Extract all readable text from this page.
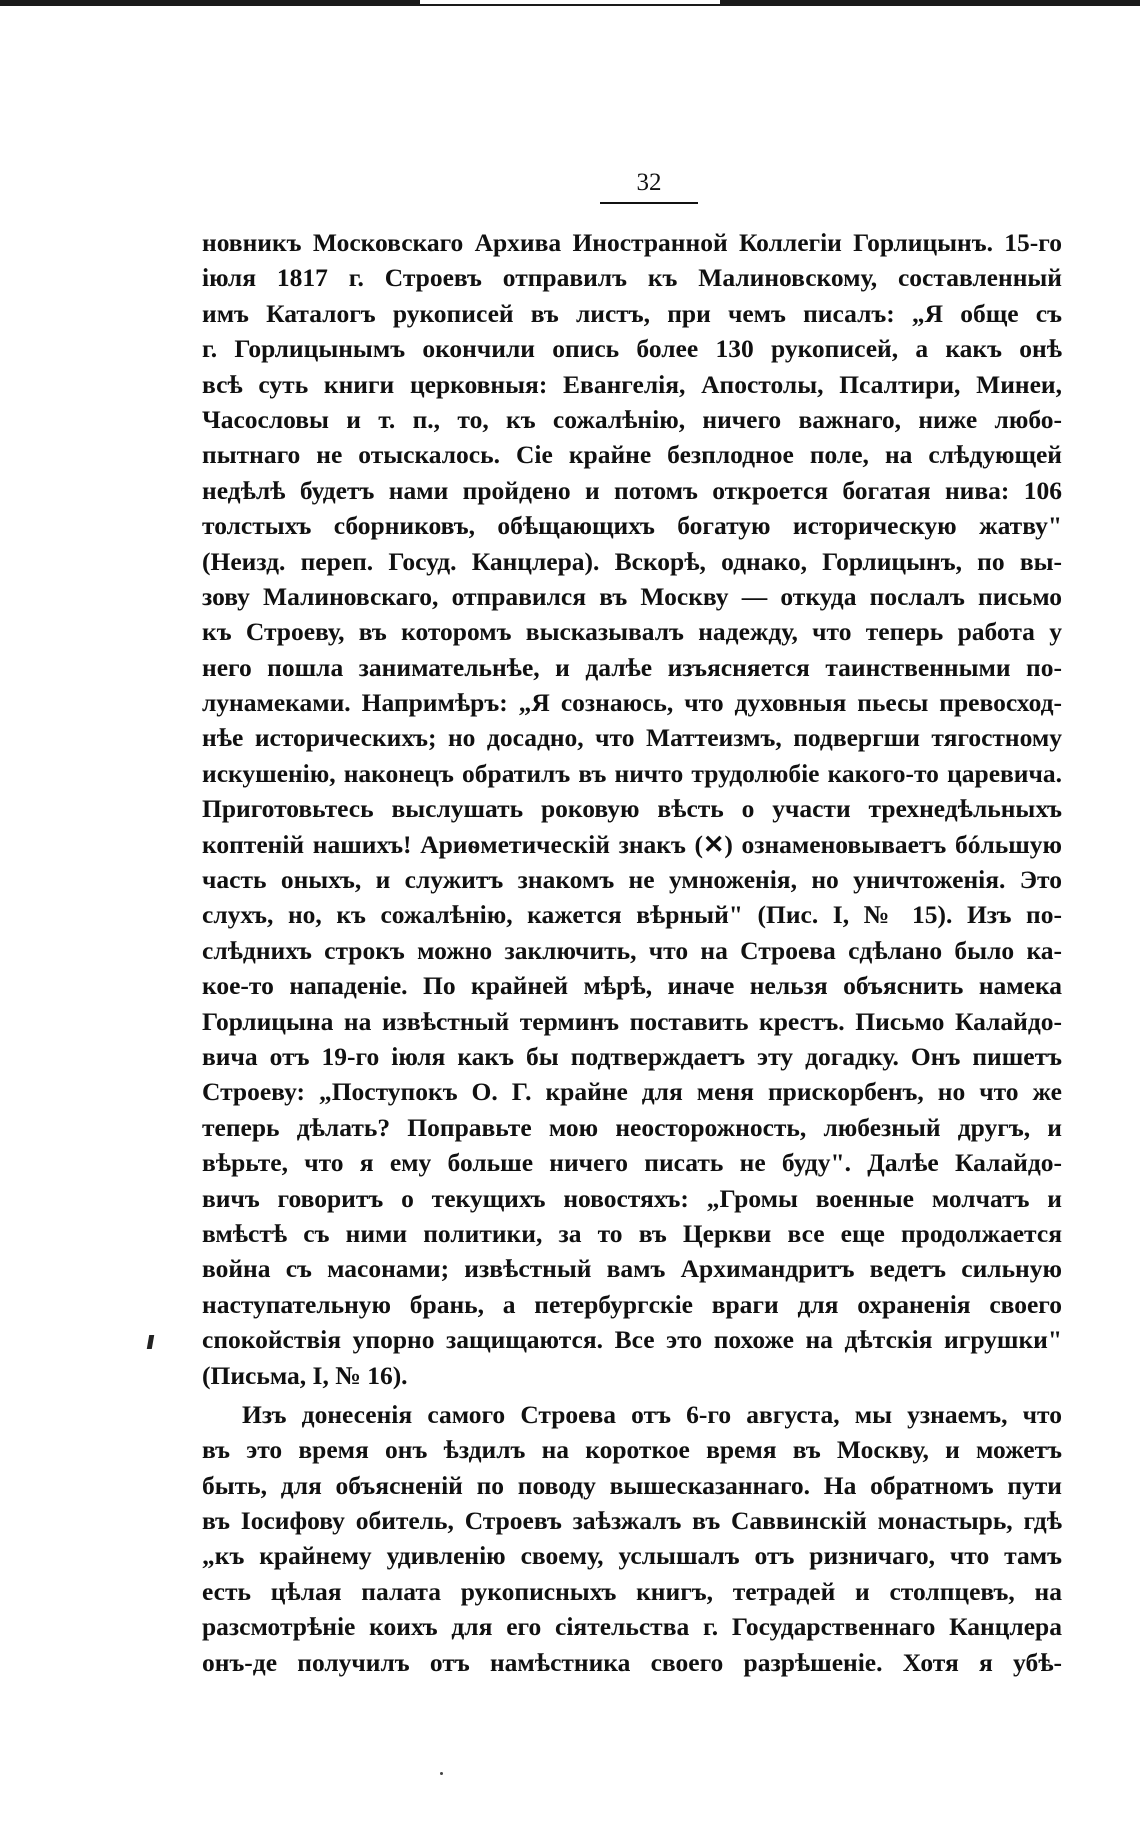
32
новникъ Московскаго Архива Иностранной Коллегіи Горлицынъ. 15-го
іюля 1817 г. Строевъ отправилъ къ Малиновскому, составленный
имъ Каталогъ рукописей въ листъ, при чемъ писалъ: „Я обще съ
г. Горлицынымъ окончили опись более 130 рукописей, а какъ онѣ
всѣ суть книги церковныя: Евангелія, Апостолы, Псалтири, Минеи,
Часословы и т. п., то, къ сожалѣнію, ничего важнаго, ниже любо-
пытнаго не отыскалось. Сіе крайне безплодное поле, на слѣдующей
недѣлѣ будетъ нами пройдено и потомъ откроется богатая нива: 106
толстыхъ сборниковъ, обѣщающихъ богатую историческую жатву"
(Неизд. переп. Госуд. Канцлера). Вскорѣ, однако, Горлицынъ, по вы-
зову Малиновскаго, отправился въ Москву — откуда послалъ письмо
къ Строеву, въ которомъ высказывалъ надежду, что теперь работа у
него пошла занимательнѣе, и далѣе изъясняется таинственными по-
лунамеками. Напримѣръ: „Я сознаюсь, что духовныя пьесы превосход-
нѣе историческихъ; но досадно, что Маттеизмъ, подвергши тягостному
искушенію, наконецъ обратилъ въ ничто трудолюбіе какого-то царевича.
Приготовьтесь выслушать роковую вѣсть о участи трехнедѣльныхъ
коптеній нашихъ! Ариѳметическій знакъ (✕) ознаменовываетъ бóльшую
часть оныхъ, и служитъ знакомъ не умноженія, но уничтоженія. Это
слухъ, но, къ сожалѣнію, кажется вѣрный" (Пис. I, № 15). Изъ по-
слѣднихъ строкъ можно заключить, что на Строева сдѣлано было ка-
кое-то нападеніе. По крайней мѣрѣ, иначе нельзя объяснить намека
Горлицына на извѣстный терминъ поставить крестъ. Письмо Калайдо-
вича отъ 19-го іюля какъ бы подтверждаетъ эту догадку. Онъ пишетъ
Строеву: „Поступокъ О. Г. крайне для меня прискорбенъ, но что же
теперь дѣлать? Поправьте мою неосторожность, любезный другъ, и
вѣрьте, что я ему больше ничего писать не буду". Далѣе Калайдо-
вичъ говоритъ о текущихъ новостяхъ: „Громы военные молчатъ и
вмѣстѣ съ ними политики, за то въ Церкви все еще продолжается
война съ масонами; извѣстный вамъ Архимандритъ ведетъ сильную
наступательную брань, а петербургскіе враги для охраненія своего
спокойствія упорно защищаются. Все это похоже на дѣтскія игрушки"
(Письма, I, № 16).
Изъ донесенія самого Строева отъ 6-го августа, мы узнаемъ, что
въ это время онъ ѣздилъ на короткое время въ Москву, и можетъ
быть, для объясненій по поводу вышесказаннаго. На обратномъ пути
въ Іосифову обитель, Строевъ заѣзжалъ въ Саввинскій монастырь, гдѣ
„къ крайнему удивленію своему, услышалъ отъ ризничаго, что тамъ
есть цѣлая палата рукописныхъ книгъ, тетрадей и столпцевъ, на
разсмотрѣніе коихъ для его сіятельства г. Государственнаго Канцлера
онъ-де получилъ отъ намѣстника своего разрѣшеніе. Хотя я убѣ-
